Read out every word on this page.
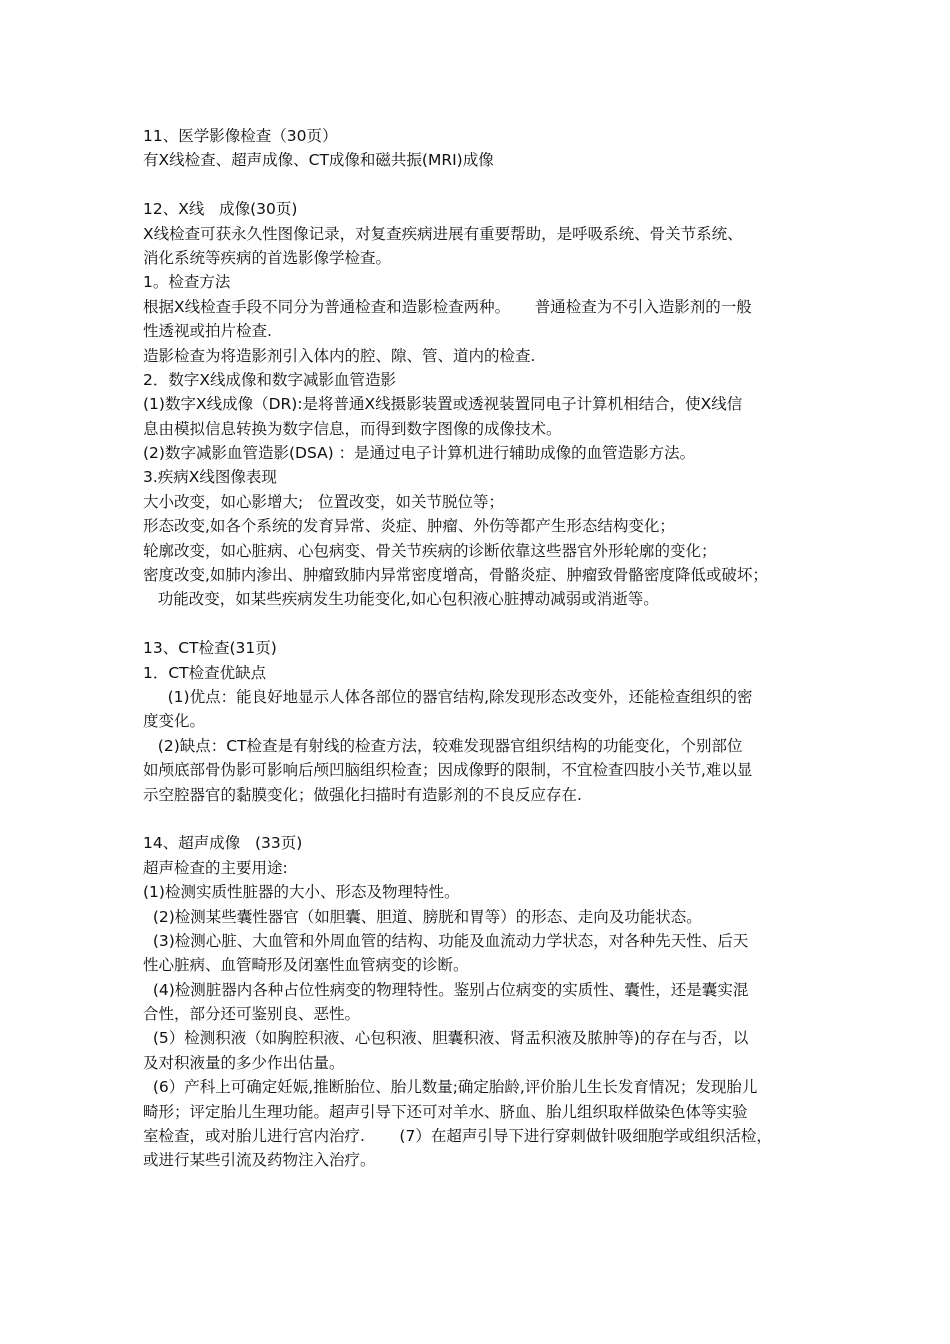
11、医学影像检查（30页）
有X线检查、超声成像、CT成像和磁共振(MRI)成像
12、X线   成像(30页)
X线检查可获永久性图像记录，对复查疾病进展有重要帮助，是呼吸系统、骨关节系统、
消化系统等疾病的首选影像学检查。
1。检查方法
根据X线检查手段不同分为普通检查和造影检查两种。     普通检查为不引入造影剂的一般
性透视或拍片检查.
造影检查为将造影剂引入体内的腔、隙、管、道内的检查.
2．数字X线成像和数字减影血管造影
(1)数字X线成像（DR):是将普通X线摄影装置或透视装置同电子计算机相结合，使X线信
息由模拟信息转换为数字信息，而得到数字图像的成像技术。
(2)数字减影血管造影(DSA) ：是通过电子计算机进行辅助成像的血管造影方法。
3.疾病X线图像表现
大小改变，如心影增大;   位置改变，如关节脱位等；
形态改变,如各个系统的发育异常、炎症、肿瘤、外伤等都产生形态结构变化；
轮廓改变，如心脏病、心包病变、骨关节疾病的诊断依靠这些器官外形轮廓的变化；
密度改变,如肺内渗出、肿瘤致肺内异常密度增高，骨骼炎症、肿瘤致骨骼密度降低或破坏；
功能改变，如某些疾病发生功能变化,如心包积液心脏搏动减弱或消逝等。
13、CT检查(31页)
1．CT检查优缺点
(1)优点：能良好地显示人体各部位的器官结构,除发现形态改变外，还能检查组织的密
度变化。
(2)缺点：CT检查是有射线的检查方法，较难发现器官组织结构的功能变化，个别部位
如颅底部骨伪影可影响后颅凹脑组织检查；因成像野的限制，不宜检查四肢小关节,难以显
示空腔器官的黏膜变化；做强化扫描时有造影剂的不良反应存在.
14、超声成像   (33页)
超声检查的主要用途:
(1)检测实质性脏器的大小、形态及物理特性。
(2)检测某些囊性器官（如胆囊、胆道、膀胱和胃等）的形态、走向及功能状态。
(3)检测心脏、大血管和外周血管的结构、功能及血流动力学状态，对各种先天性、后天
性心脏病、血管畸形及闭塞性血管病变的诊断。
(4)检测脏器内各种占位性病变的物理特性。鉴别占位病变的实质性、囊性，还是囊实混
合性，部分还可鉴别良、恶性。
(5）检测积液（如胸腔积液、心包积液、胆囊积液、肾盂积液及脓肿等)的存在与否，以
及对积液量的多少作出估量。
(6）产科上可确定妊娠,推断胎位、胎儿数量;确定胎龄,评价胎儿生长发育情况；发现胎儿
畸形；评定胎儿生理功能。超声引导下还可对羊水、脐血、胎儿组织取样做染色体等实验
室检查，或对胎儿进行宫内治疗.       (7）在超声引导下进行穿刺做针吸细胞学或组织活检，
或进行某些引流及药物注入治疗。
